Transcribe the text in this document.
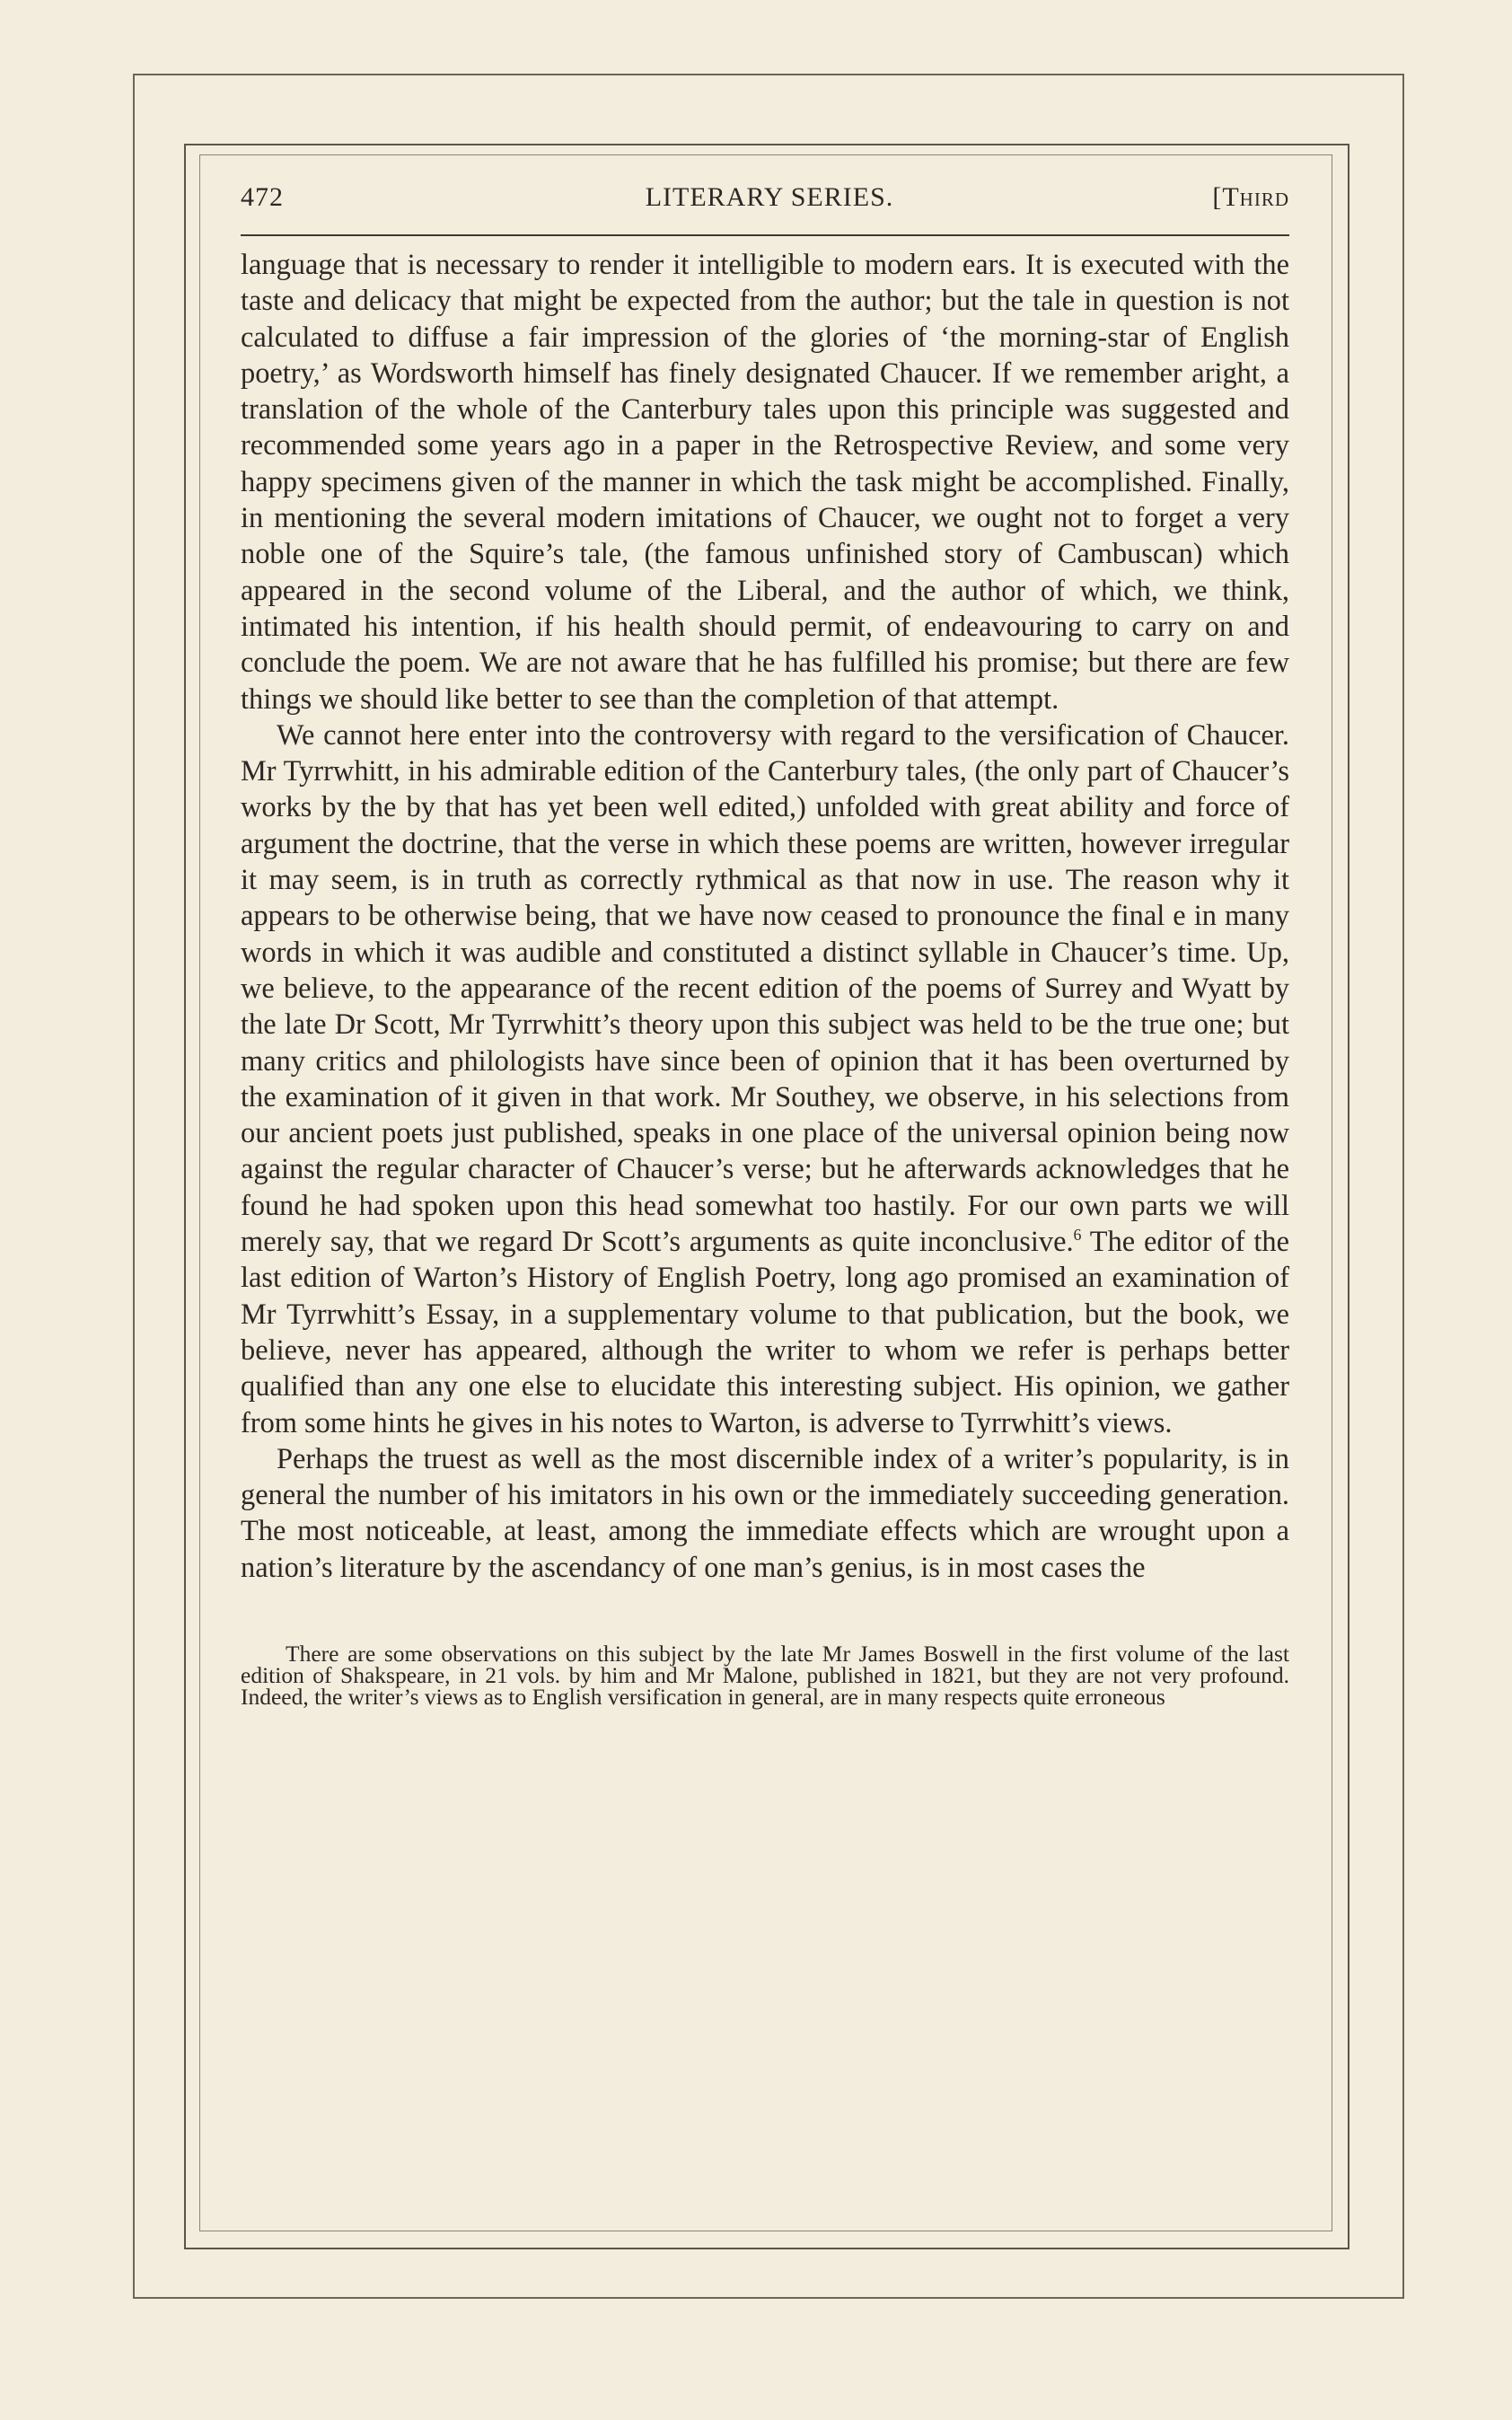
472	LITERARY SERIES.	[Third

language that is necessary to render it intelligible to modern ears. It is executed with the taste and delicacy that might be expected from the author; but the tale in question is not calculated to diffuse a fair impression of the glories of ‘the morning-star of English poetry,’ as Wordsworth himself has finely designated Chaucer. If we remember aright, a translation of the whole of the Canterbury tales upon this principle was suggested and recommended some years ago in a paper in the Retrospective Review, and some very happy specimens given of the manner in which the task might be accomplished. Finally, in mentioning the several modern imitations of Chaucer, we ought not to forget a very noble one of the Squire’s tale, (the famous unfinished story of Cambuscan) which appeared in the second volume of the Liberal, and the author of which, we think, intimated his intention, if his health should permit, of endeavouring to carry on and conclude the poem. We are not aware that he has fulfilled his promise; but there are few things we should like better to see than the completion of that attempt.

We cannot here enter into the controversy with regard to the versification of Chaucer. Mr Tyrrwhitt, in his admirable edition of the Canterbury tales, (the only part of Chaucer’s works by the by that has yet been well edited,) unfolded with great ability and force of argument the doctrine, that the verse in which these poems are written, however irregular it may seem, is in truth as correctly rythmical as that now in use. The reason why it appears to be otherwise being, that we have now ceased to pronounce the final e in many words in which it was audible and constituted a distinct syllable in Chaucer’s time. Up, we believe, to the appearance of the recent edition of the poems of Surrey and Wyatt by the late Dr Scott, Mr Tyrrwhitt’s theory upon this subject was held to be the true one; but many critics and philologists have since been of opinion that it has been overturned by the examination of it given in that work. Mr Southey, we observe, in his selections from our ancient poets just published, speaks in one place of the universal opinion being now against the regular character of Chaucer’s verse; but he afterwards acknowledges that he found he had spoken upon this head somewhat too hastily. For our own parts we will merely say, that we regard Dr Scott’s arguments as quite inconclusive.$^6$ The editor of the last edition of Warton’s History of English Poetry, long ago promised an examination of Mr Tyrrwhitt’s Essay, in a supplementary volume to that publication, but the book, we believe, never has appeared, although the writer to whom we refer is perhaps better qualified than any one else to elucidate this interesting subject. His opinion, we gather from some hints he gives in his notes to Warton, is adverse to Tyrrwhitt’s views.

Perhaps the truest as well as the most discernible index of a writer’s popularity, is in general the number of his imitators in his own or the immediately succeeding generation. The most noticeable, at least, among the immediate effects which are wrought upon a nation’s literature by the ascendancy of one man’s genius, is in most cases the

There are some observations on this subject by the late Mr James Boswell in the first volume of the last edition of Shakspeare, in 21 vols. by him and Mr Malone, published in 1821, but they are not very profound. Indeed, the writer’s views as to English versification in general, are in many respects quite erroneous
